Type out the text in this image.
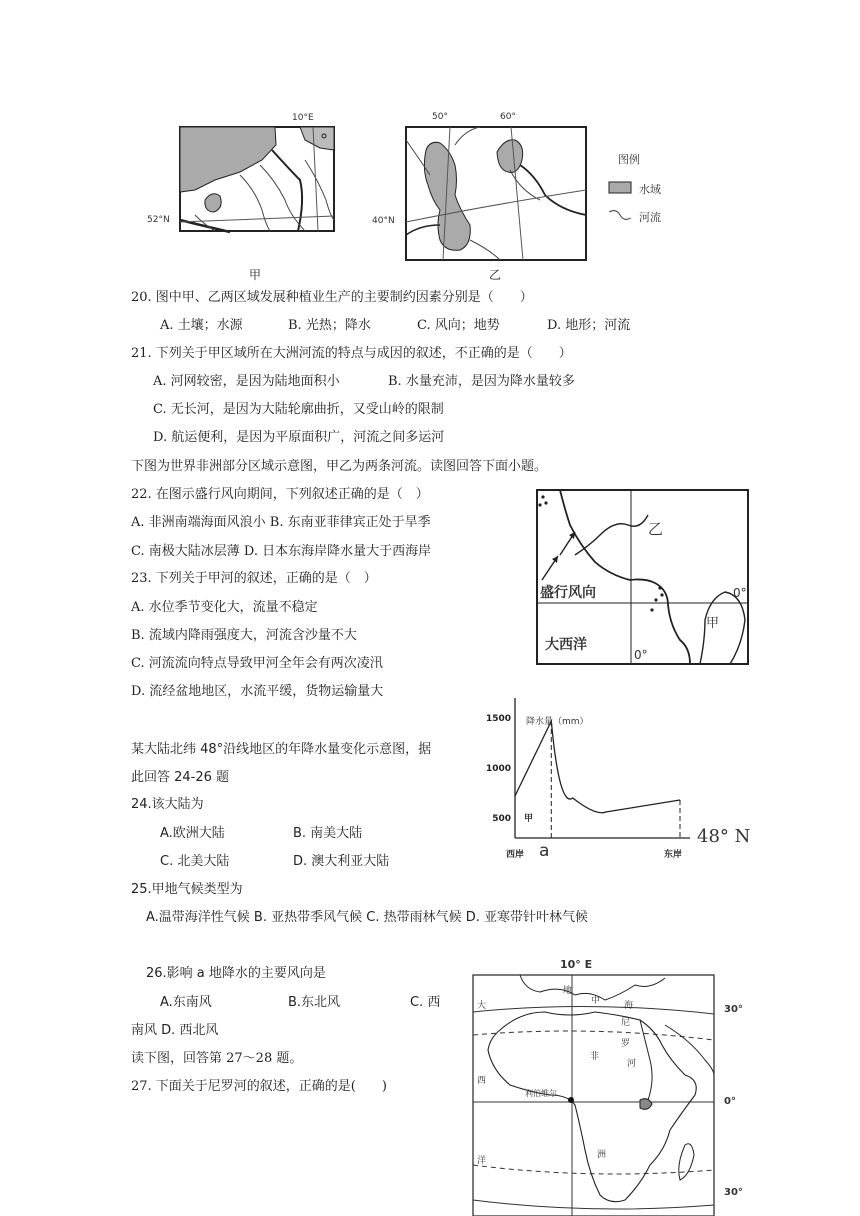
10°E
52°N
甲
50°	60°
40°N
乙
图例
水域
河流
20. 图中甲、乙两区域发展种植业生产的主要制约因素分别是（　　）
A. 土壤；水源	B. 光热；降水	C. 风向；地势	D. 地形；河流
21. 下列关于甲区域所在大洲河流的特点与成因的叙述，不正确的是（　　）
A. 河网较密，是因为陆地面积小	B. 水量充沛，是因为降水量较多
C. 无长河，是因为大陆轮廓曲折，又受山岭的限制
D. 航运便利，是因为平原面积广，河流之间多运河
下图为世界非洲部分区域示意图，甲乙为两条河流。读图回答下面小题。
22. 在图示盛行风向期间，下列叙述正确的是（　）
A. 非洲南端海面风浪小 B. 东南亚菲律宾正处于旱季
C. 南极大陆冰层薄 D. 日本东海岸降水量大于西海岸
23. 下列关于甲河的叙述，正确的是（　）
A. 水位季节变化大，流量不稳定
B. 流域内降雨强度大，河流含沙量不大
C. 河流流向特点导致甲河全年会有两次凌汛
D. 流经盆地地区，水流平缓，货物运输量大
乙
甲
盛行风向
大西洋
0°
0°
某大陆北纬 48°沿线地区的年降水量变化示意图，据
此回答 24-26 题
1500
1000
500
降水量（mm）
西岸 a	东岸
甲
48° N
24.该大陆为
A.欧洲大陆	B. 南美大陆
C. 北美大陆	D. 澳大利亚大陆
25.甲地气候类型为
A.温带海洋性气候 B. 亚热带季风气候 C. 热带雨林气候 D. 亚寒带针叶林气候
26.影响 a 地降水的主要风向是
A.东南风	B.东北风	C. 西
南风 D. 西北风
读下图，回答第 27～28 题。
27. 下面关于尼罗河的叙述，正确的是(　　)
10° E
30°
0°
30°
地
中	海
大
西
洋
尼
罗
河
非
洲
利伯维尔
